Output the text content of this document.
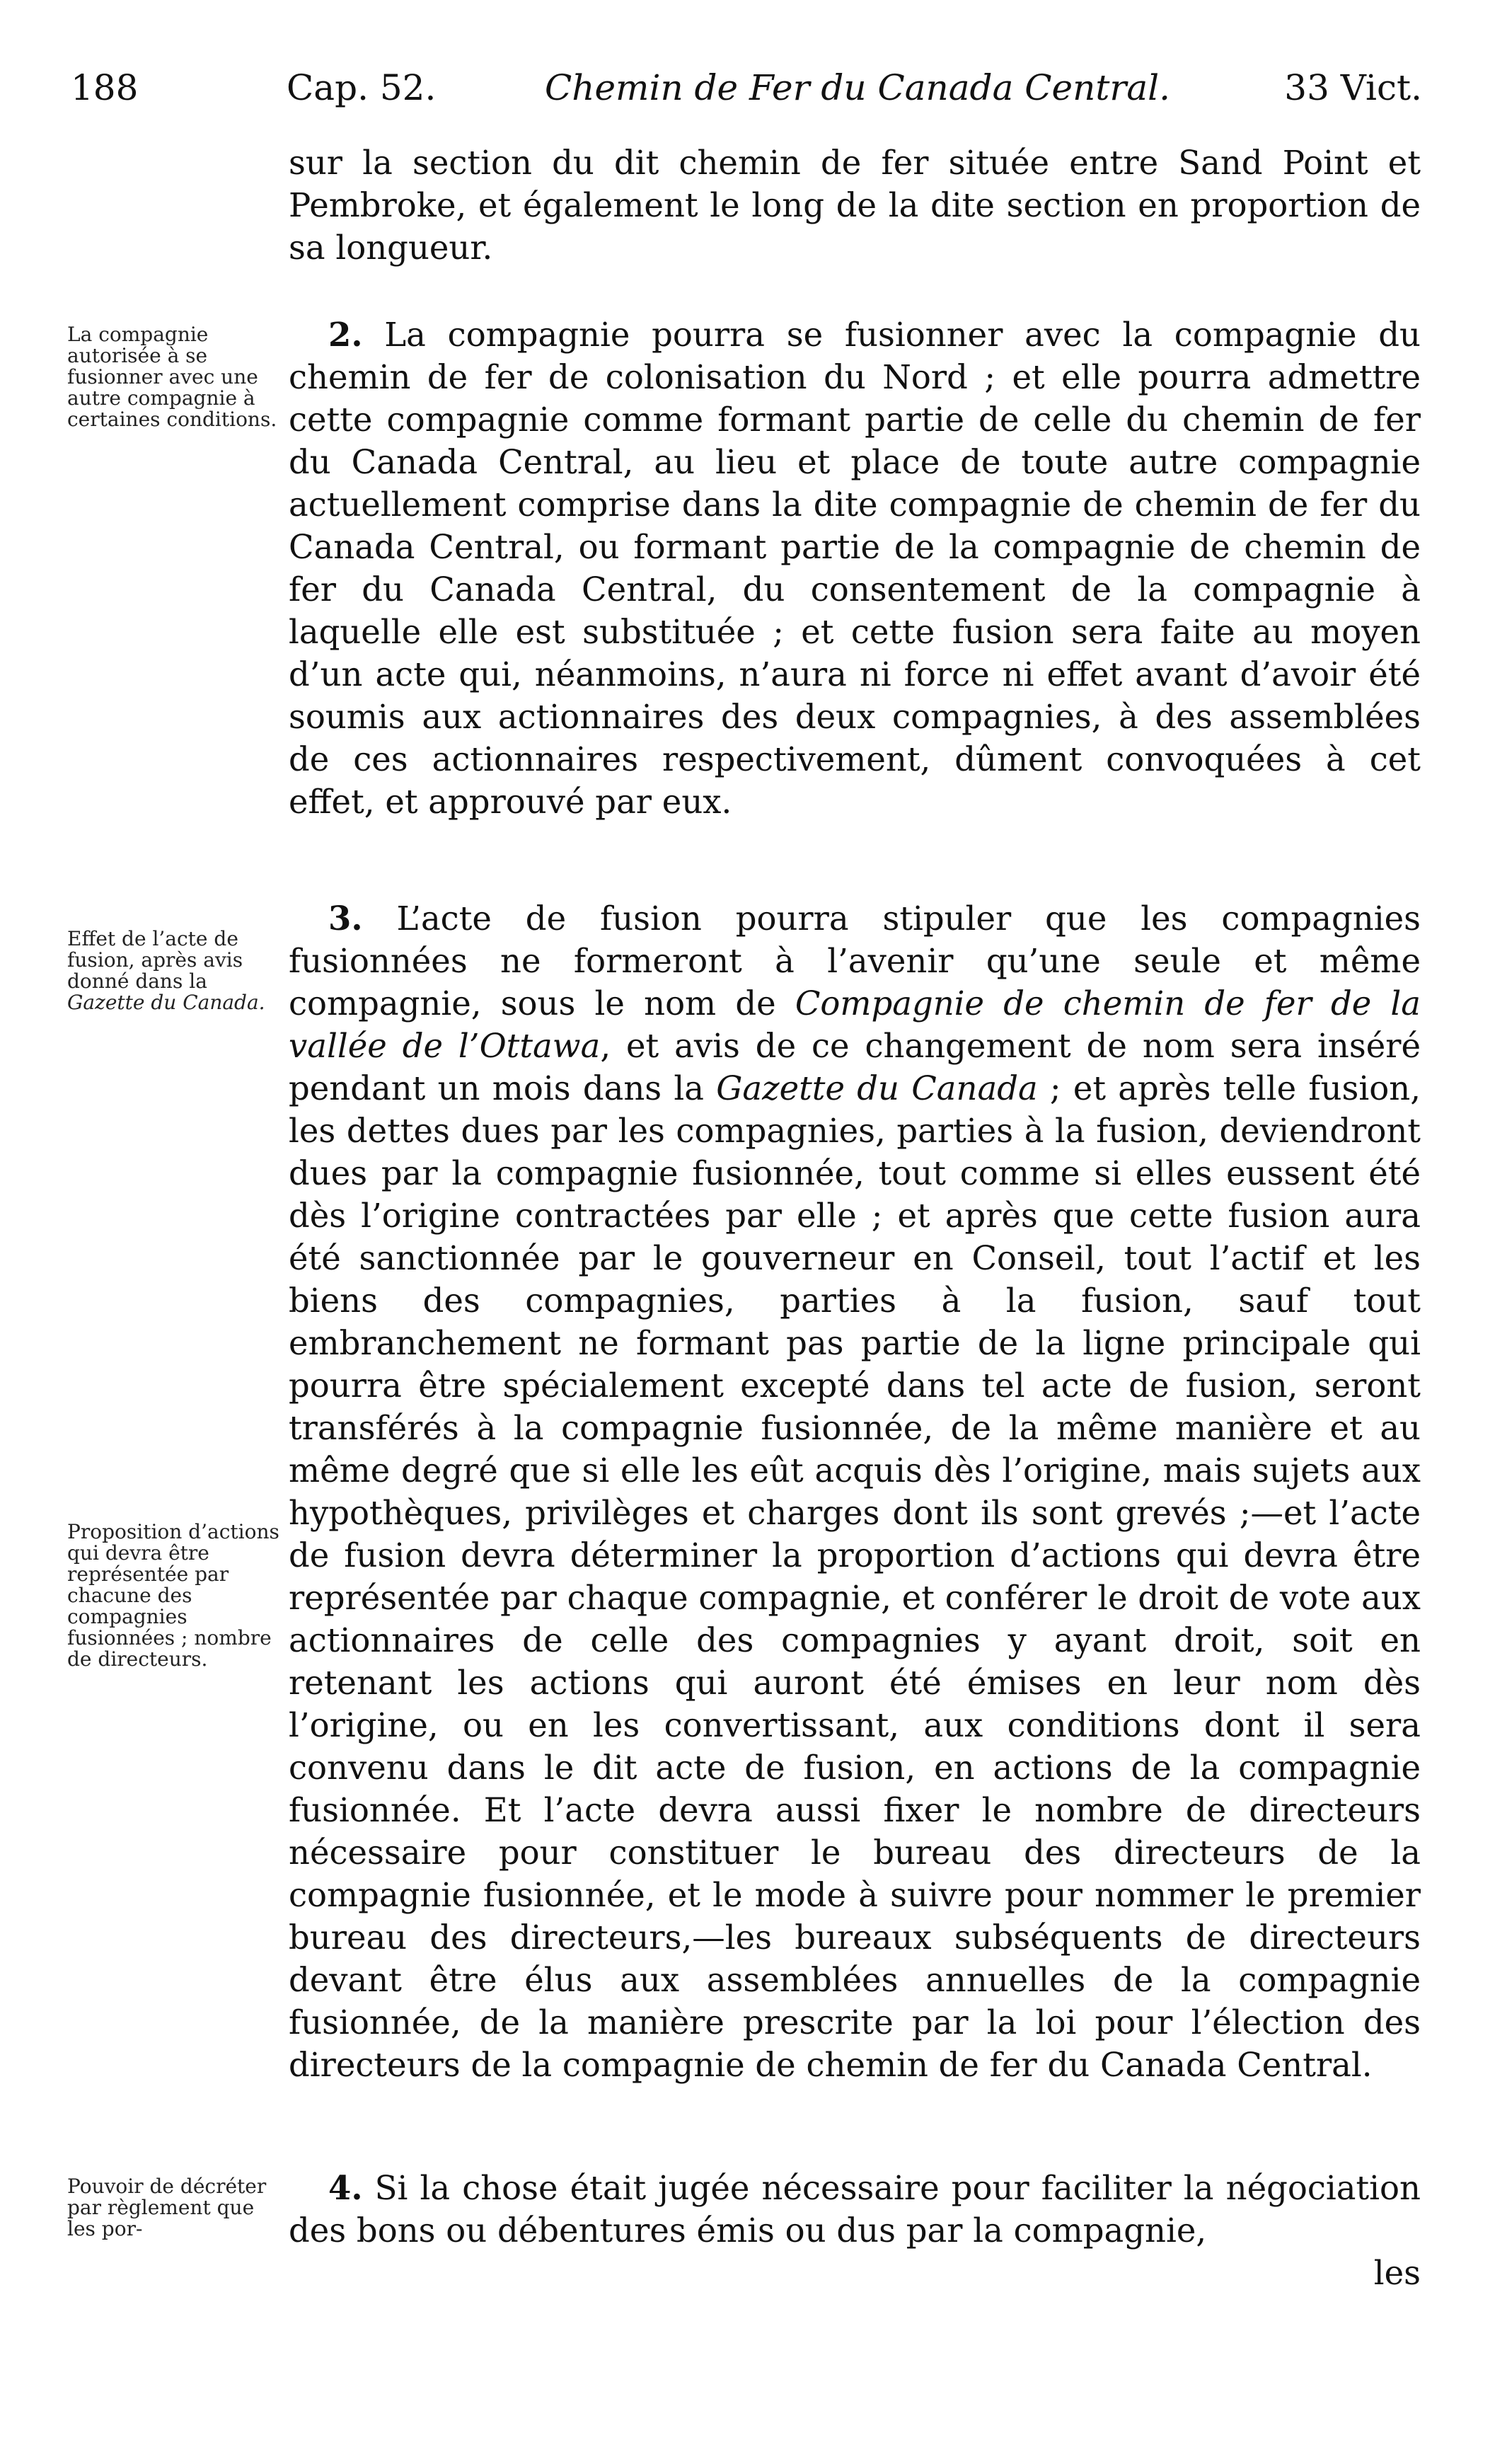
188	Cap. 52.	Chemin de Fer du Canada Central.	33 Vict.
sur la section du dit chemin de fer située entre Sand Point et Pembroke, et également le long de la dite section en proportion de sa longueur.
La compagnie autorisée à se fusionner avec une autre compagnie à certaines conditions.
2. La compagnie pourra se fusionner avec la compagnie du chemin de fer de colonisation du Nord ; et elle pourra admettre cette compagnie comme formant partie de celle du chemin de fer du Canada Central, au lieu et place de toute autre compagnie actuellement comprise dans la dite compagnie de chemin de fer du Canada Central, ou formant partie de la compagnie de chemin de fer du Canada Central, du consentement de la compagnie à laquelle elle est substituée ; et cette fusion sera faite au moyen d’un acte qui, néanmoins, n’aura ni force ni effet avant d’avoir été soumis aux actionnaires des deux compagnies, à des assemblées de ces actionnaires respectivement, dûment convoquées à cet effet, et approuvé par eux.

Effet de l’acte de fusion, après avis donné dans la

Gazette du Canada.

Proposition d’actions qui devra être représentée par chacune des compagnies fusionnées ; nombre de directeurs.
3. L’acte de fusion pourra stipuler que les compagnies fusionnées ne formeront à l’avenir qu’une seule et même compagnie, sous le nom de Compagnie de chemin de fer de la vallée de l’Ottawa, et avis de ce changement de nom sera inséré pendant un mois dans la Gazette du Canada ; et après telle fusion, les dettes dues par les compagnies, parties à la fusion, deviendront dues par la compagnie fusionnée, tout comme si elles eussent été dès l’origine contractées par elle ; et après que cette fusion aura été sanctionnée par le gouverneur en Conseil, tout l’actif et les biens des compagnies, parties à la fusion, sauf tout embranchement ne formant pas partie de la ligne principale qui pourra être spécialement excepté dans tel acte de fusion, seront transférés à la compagnie fusionnée, de la même manière et au même degré que si elle les eût acquis dès l’origine, mais sujets aux hypothèques, privilèges et charges dont ils sont grevés ;—et l’acte de fusion devra déterminer la proportion d’actions qui devra être représentée par chaque compagnie, et conférer le droit de vote aux actionnaires de celle des compagnies y ayant droit, soit en retenant les actions qui auront été émises en leur nom dès l’origine, ou en les convertissant, aux conditions dont il sera convenu dans le dit acte de fusion, en actions de la compagnie fusionnée. Et l’acte devra aussi fixer le nombre de directeurs nécessaire pour constituer le bureau des directeurs de la compagnie fusionnée, et le mode à suivre pour nommer le premier bureau des directeurs,—les bureaux subséquents de directeurs devant être élus aux assemblées annuelles de la compagnie fusionnée, de la manière prescrite par la loi pour l’élection des directeurs de la compagnie de chemin de fer du Canada Central.
Pouvoir de décréter par règlement que les por-
4. Si la chose était jugée nécessaire pour faciliter la négociation des bons ou débentures émis ou dus par la compagnie,
les
